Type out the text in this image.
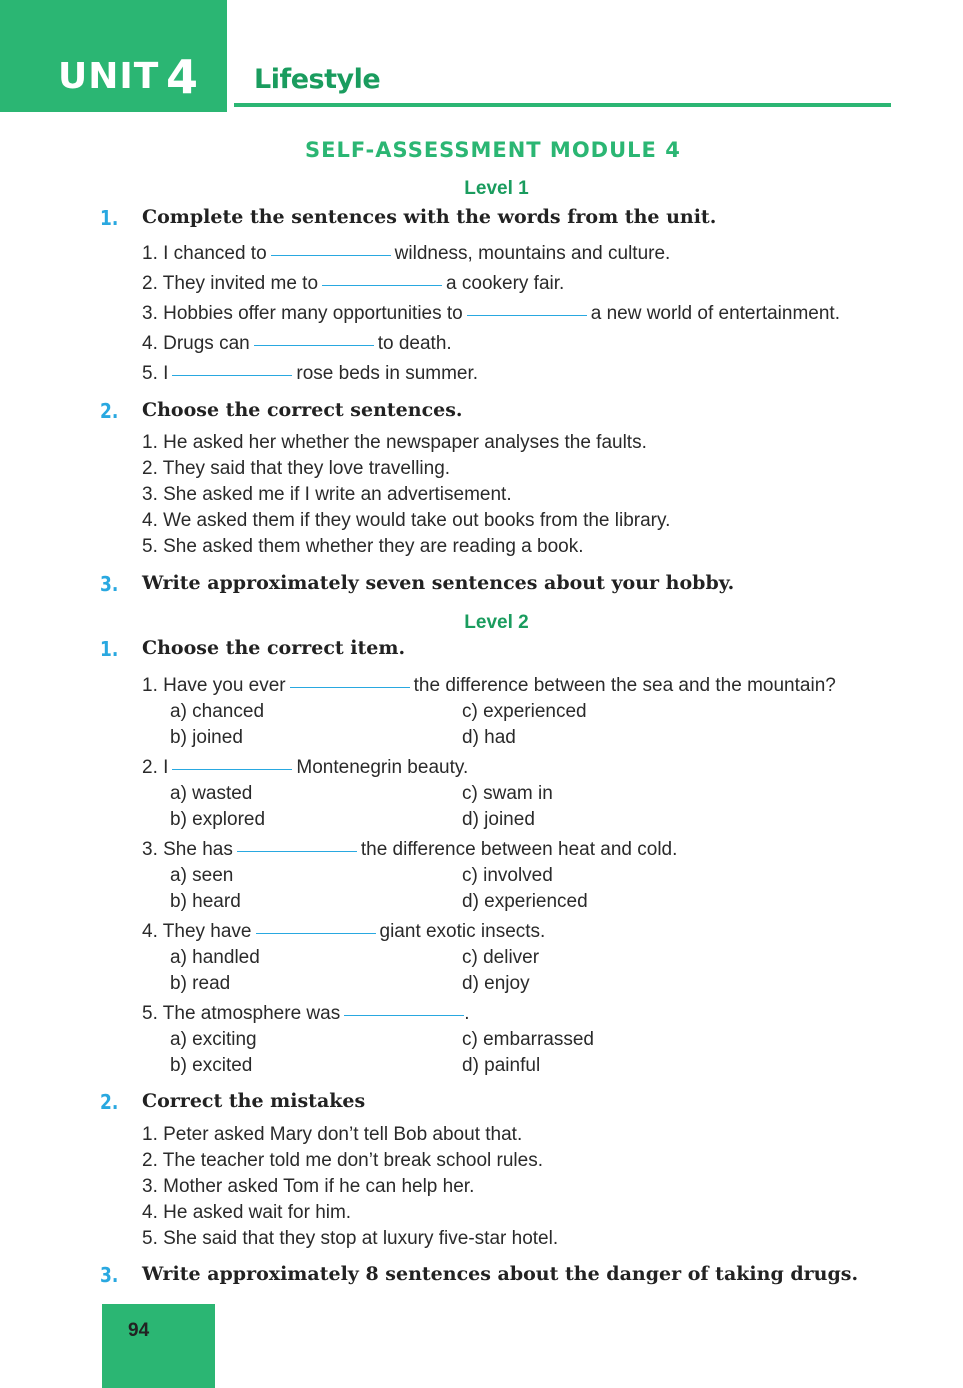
UNIT 4 Lifestyle
SELF-ASSESSMENT MODULE 4
Level 1
1. Complete the sentences with the words from the unit.
1. I chanced to	wildness, mountains and culture.
2. They invited me to	a cookery fair.
3. Hobbies offer many opportunities to	a new world of entertainment.
4. Drugs can	to death.
5. I	rose beds in summer.
2. Choose the correct sentences.
1. He asked her whether the newspaper analyses the faults.
2. They said that they love travelling.
3. She asked me if I write an advertisement.
4. We asked them if they would take out books from the library.
5. She asked them whether they are reading a book.
3. Write approximately seven sentences about your hobby.
Level 2
1. Choose the correct item.
1. Have you ever	the difference between the sea and the mountain?
a) chanced	c) experienced
b) joined	d) had
2. I	Montenegrin beauty.
a) wasted	c) swam in
b) explored	d) joined
3. She has	the difference between heat and cold.
a) seen	c) involved
b) heard	d) experienced
4. They have	giant exotic insects.
a) handled	c) deliver
b) read	d) enjoy
5. The atmosphere was	.
a) exciting	c) embarrassed
b) excited	d) painful
2. Correct the mistakes
1. Peter asked Mary don’t tell Bob about that.
2. The teacher told me don’t break school rules.
3. Mother asked Tom if he can help her.
4. He asked wait for him.
5. She said that they stop at luxury five-star hotel.
3. Write approximately 8 sentences about the danger of taking drugs.
94
